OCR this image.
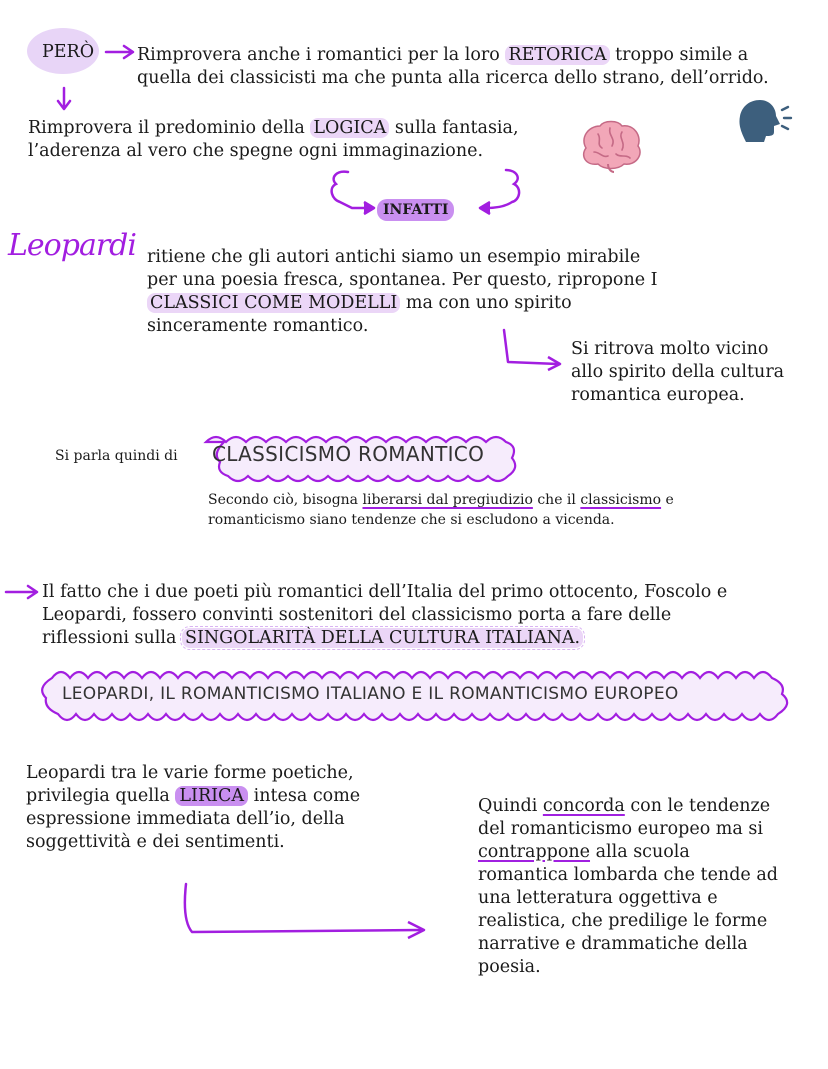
PERÒ Rimprovera anche i romantici per la loro RETORICA troppo simile a
quella dei classicisti ma che punta alla ricerca dello strano, dell’orrido.
Rimprovera il predominio della LOGICA sulla fantasia,
l’aderenza al vero che spegne ogni immaginazione.
INFATTI
Leopardi ritiene che gli autori antichi siamo un esempio mirabile
per una poesia fresca, spontanea. Per questo, ripropone I
CLASSICI COME MODELLI ma con uno spirito
sinceramente romantico.
Si ritrova molto vicino
allo spirito della cultura
romantica europea.
Si parla quindi di CLASSICISMO ROMANTICO
Secondo ciò, bisogna liberarsi dal pregiudizio che il classicismo e
romanticismo siano tendenze che si escludono a vicenda.
Il fatto che i due poeti più romantici dell’Italia del primo ottocento, Foscolo e
Leopardi, fossero convinti sostenitori del classicismo porta a fare delle
riflessioni sulla SINGOLARITÀ DELLA CULTURA ITALIANA.
LEOPARDI, IL ROMANTICISMO ITALIANO E IL ROMANTICISMO EUROPEO
Leopardi tra le varie forme poetiche,
privilegia quella LIRICA intesa come
espressione immediata dell’io, della
soggettività e dei sentimenti.
Quindi concorda con le tendenze
del romanticismo europeo ma si
contrappone alla scuola
romantica lombarda che tende ad
una letteratura oggettiva e
realistica, che predilige le forme
narrative e drammatiche della
poesia.
